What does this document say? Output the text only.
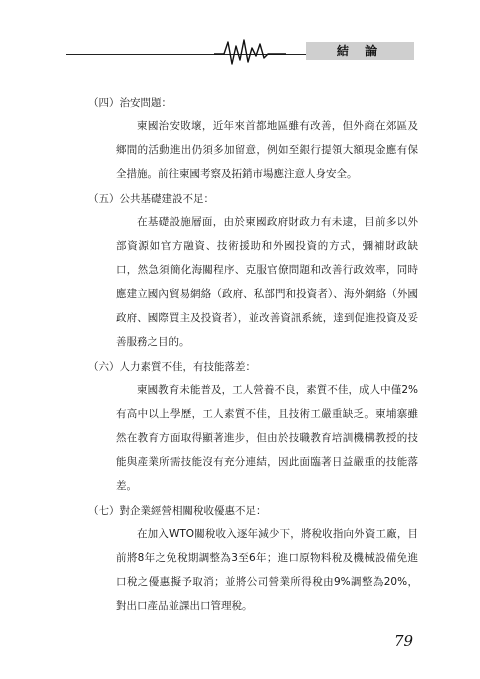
結 論
（四）治安問題：
柬國治安敗壞，近年來首都地區雖有改善，但外商在郊區及鄉間的活動進出仍須多加留意，例如至銀行提領大額現金應有保全措施。前往柬國考察及拓銷市場應注意人身安全。
（五）公共基礎建設不足：
在基礎設施層面，由於柬國政府財政力有未逮，目前多以外部資源如官方融資、技術援助和外國投資的方式，彌補財政缺口，然急須簡化海關程序、克服官僚問題和改善行政效率，同時應建立國內貿易網絡（政府、私部門和投資者）、海外網絡（外國政府、國際買主及投資者），並改善資訊系統，達到促進投資及妥善服務之目的。
（六）人力素質不佳，有技能落差：
柬國教育未能普及，工人營養不良，素質不佳，成人中僅2%有高中以上學歷，工人素質不佳，且技術工嚴重缺乏。柬埔寨雖然在教育方面取得顯著進步，但由於技職教育培訓機構教授的技能與產業所需技能沒有充分連結，因此面臨著日益嚴重的技能落差。
（七）對企業經營相關稅收優惠不足：
在加入WTO關稅收入逐年減少下，將稅收指向外資工廠，目前將8年之免稅期調整為3至6年；進口原物料稅及機械設備免進口稅之優惠擬予取消；並將公司營業所得稅由9%調整為20%，對出口產品並課出口管理稅。
79
